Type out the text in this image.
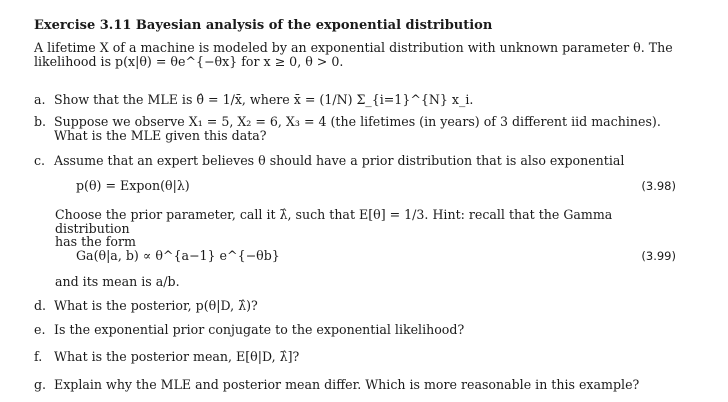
Exercise 3.11 Bayesian analysis of the exponential distribution
A lifetime X of a machine is modeled by an exponential distribution with unknown parameter θ. The
likelihood is p(x|θ) = θe^{−θx} for x ≥ 0, θ > 0.
a. Show that the MLE is θ̂ = 1/x̄, where x̄ = (1/N) Σ_{i=1}^{N} x_i.
b. Suppose we observe X₁ = 5, X₂ = 6, X₃ = 4 (the lifetimes (in years) of 3 different iid machines).
What is the MLE given this data?
c. Assume that an expert believes θ should have a prior distribution that is also exponential
p(θ) = Expon(θ|λ)	(3.98)
Choose the prior parameter, call it λ̂, such that E[θ] = 1/3. Hint: recall that the Gamma distribution
has the form
Ga(θ|a, b) ∝ θ^{a−1} e^{−θb}	(3.99)
and its mean is a/b.
d. What is the posterior, p(θ|D, λ̂)?
e. Is the exponential prior conjugate to the exponential likelihood?
f. What is the posterior mean, E[θ|D, λ̂]?
g. Explain why the MLE and posterior mean differ. Which is more reasonable in this example?
